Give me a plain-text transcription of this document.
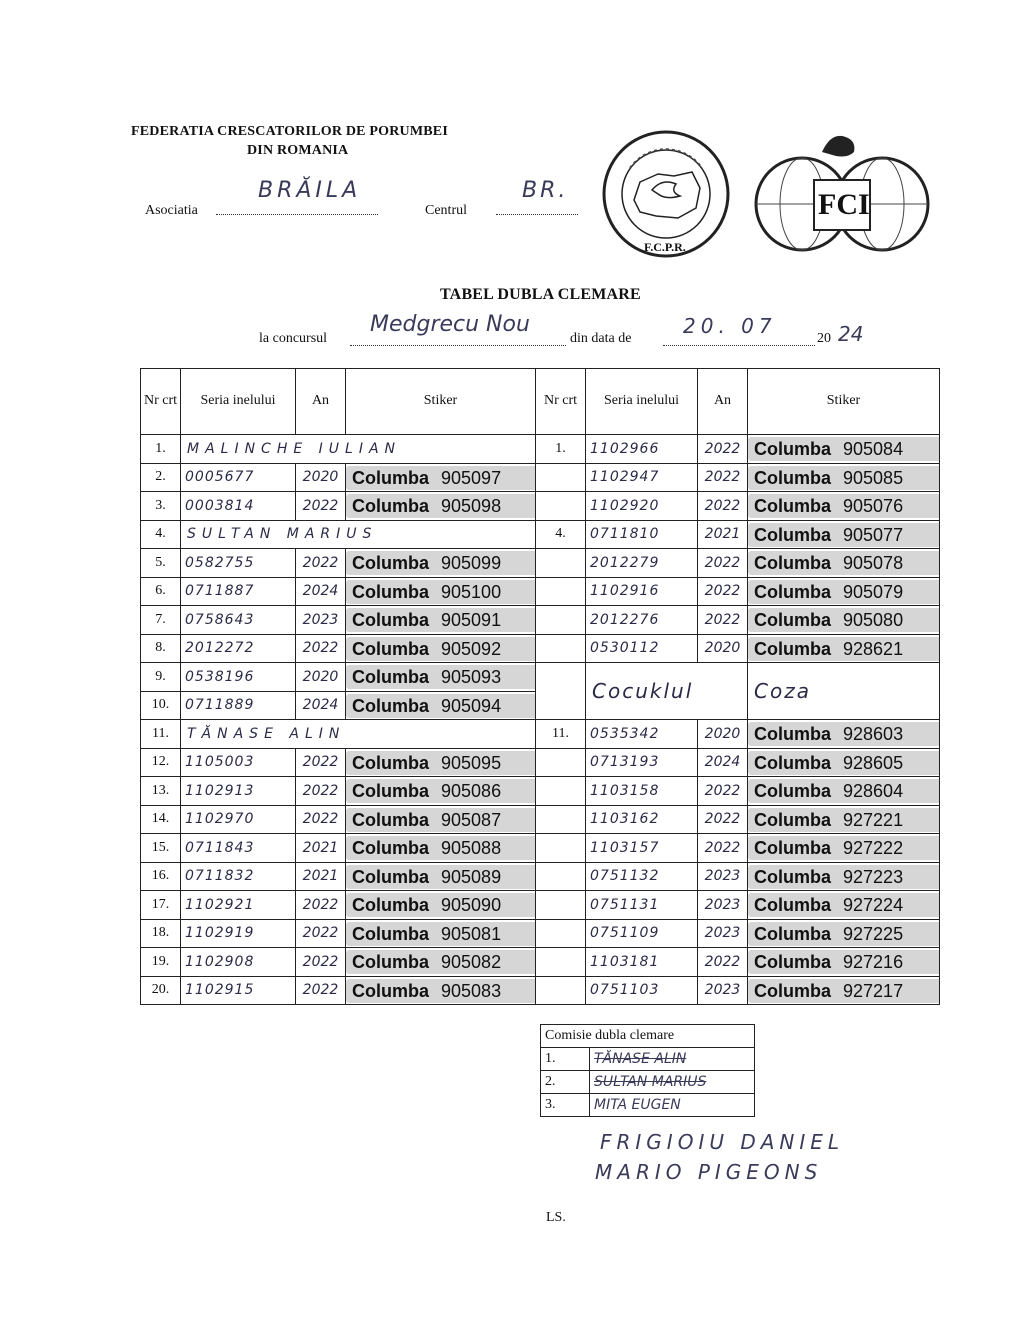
FEDERATIA CRESCATORILOR DE PORUMBEI
DIN ROMANIA
Asociatia
BRĂILA
Centrul
BR.
F.C.P.R.
FCI
TABEL DUBLA CLEMARE
la concursul
Medgrecu Nou
din data de
20. 07
20 24
Nr crt	Seria inelului	An	Stiker	Nr crt	Seria inelului	An	Stiker
1.	MALINCHE IULIAN			1.	1102966	2022	Columba 905084
2.	0005677	2020	Columba 905097		1102947	2022	Columba 905085
3.	0003814	2022	Columba 905098		1102920	2022	Columba 905076
4.	SULTAN MARIUS			4.	0711810	2021	Columba 905077
5.	0582755	2022	Columba 905099		2012279	2022	Columba 905078
6.	0711887	2024	Columba 905100		1102916	2022	Columba 905079
7.	0758643	2023	Columba 905091		2012276	2022	Columba 905080
8.	2012272	2022	Columba 905092		0530112	2020	Columba 928621
9.	0538196	2020	Columba 905093		Cocuklul		Coza
10.	0711889	2024	Columba 905094				
11.	TĂNASE ALIN			11.	0535342	2020	Columba 928603
12.	1105003	2022	Columba 905095		0713193	2024	Columba 928605
13.	1102913	2022	Columba 905086		1103158	2022	Columba 928604
14.	1102970	2022	Columba 905087		1103162	2022	Columba 927221
15.	0711843	2021	Columba 905088		1103157	2022	Columba 927222
16.	0711832	2021	Columba 905089		0751132	2023	Columba 927223
17.	1102921	2022	Columba 905090		0751131	2023	Columba 927224
18.	1102919	2022	Columba 905081		0751109	2023	Columba 927225
19.	1102908	2022	Columba 905082		1103181	2022	Columba 927216
20.	1102915	2022	Columba 905083		0751103	2023	Columba 927217
Comisie dubla clemare	
1.	TĂNASE ALIN
2.	SULTAN MARIUS
3.	MITA EUGEN
FRIGIOIU DANIEL
MARIO PIGEONS
LS.
